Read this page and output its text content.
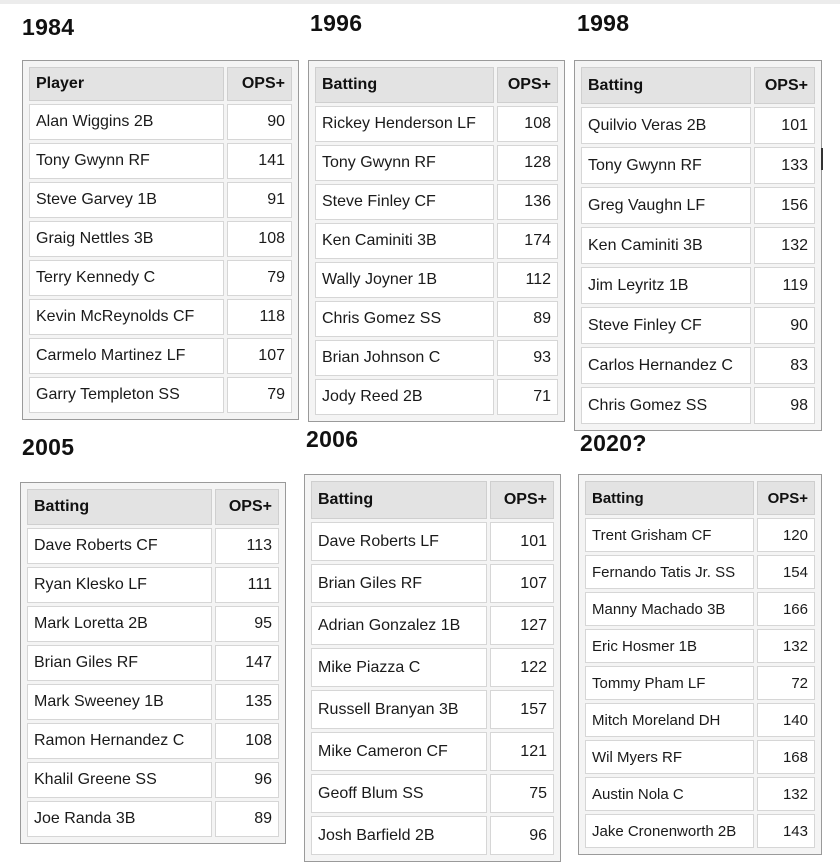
1984
Player	OPS+
Alan Wiggins 2B	90
Tony Gwynn RF	141
Steve Garvey 1B	91
Graig Nettles 3B	108
Terry Kennedy C	79
Kevin McReynolds CF	118
Carmelo Martinez LF	107
Garry Templeton SS	79
1996
Batting	OPS+
Rickey Henderson LF	108
Tony Gwynn RF	128
Steve Finley CF	136
Ken Caminiti 3B	174
Wally Joyner 1B	112
Chris Gomez SS	89
Brian Johnson C	93
Jody Reed 2B	71
1998
Batting	OPS+
Quilvio Veras 2B	101
Tony Gwynn RF	133
Greg Vaughn LF	156
Ken Caminiti 3B	132
Jim Leyritz 1B	119
Steve Finley CF	90
Carlos Hernandez C	83
Chris Gomez SS	98
2005
Batting	OPS+
Dave Roberts CF	113
Ryan Klesko LF	111
Mark Loretta 2B	95
Brian Giles RF	147
Mark Sweeney 1B	135
Ramon Hernandez C	108
Khalil Greene SS	96
Joe Randa 3B	89
2006
Batting	OPS+
Dave Roberts LF	101
Brian Giles RF	107
Adrian Gonzalez 1B	127
Mike Piazza C	122
Russell Branyan 3B	157
Mike Cameron CF	121
Geoff Blum SS	75
Josh Barfield 2B	96
2020?
Batting	OPS+
Trent Grisham CF	120
Fernando Tatis Jr. SS	154
Manny Machado 3B	166
Eric Hosmer 1B	132
Tommy Pham LF	72
Mitch Moreland DH	140
Wil Myers RF	168
Austin Nola C	132
Jake Cronenworth 2B	143
